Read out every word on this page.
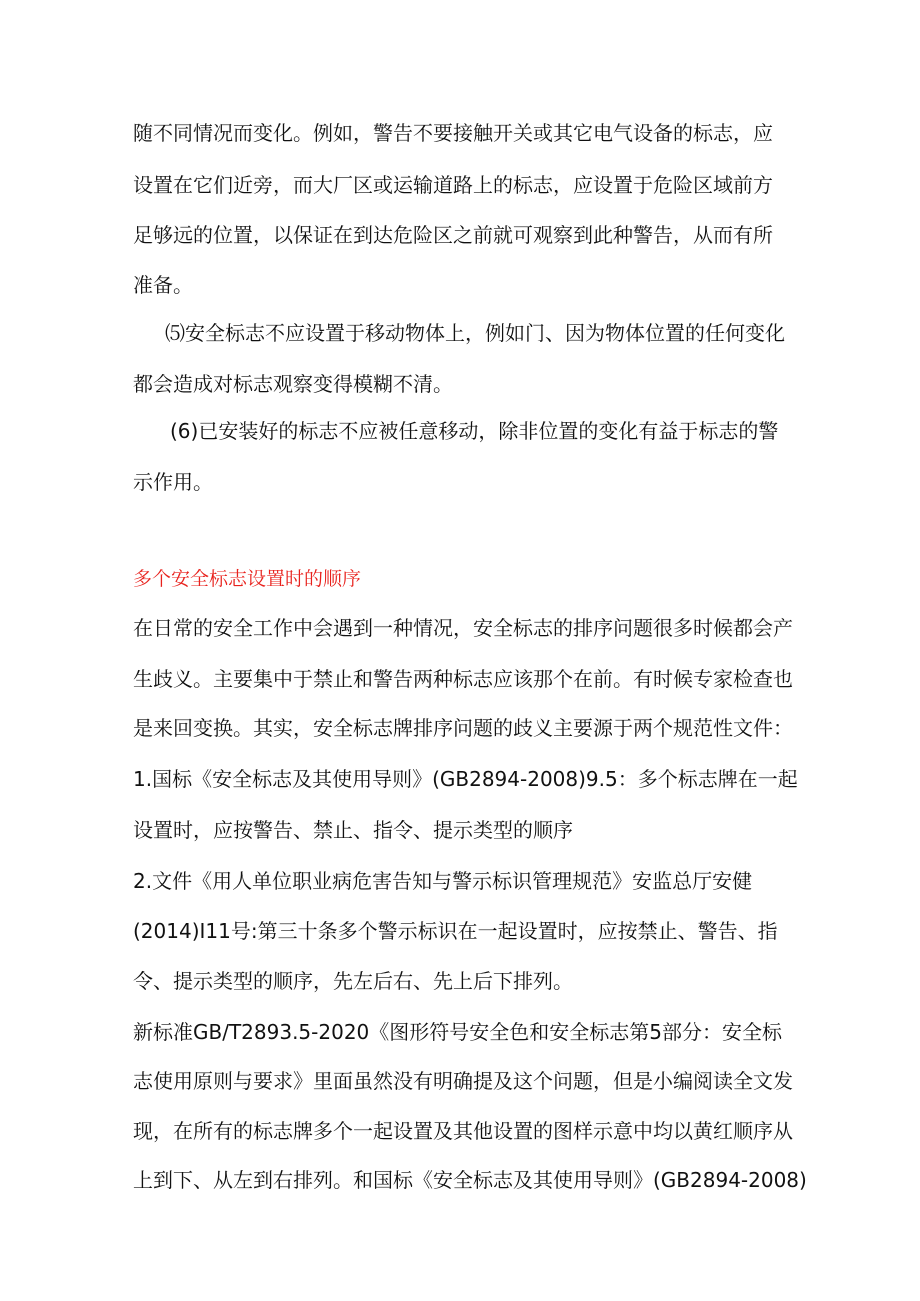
随不同情况而变化。例如，警告不要接触开关或其它电气设备的标志，应
设置在它们近旁，而大厂区或运输道路上的标志，应设置于危险区域前方
足够远的位置，以保证在到达危险区之前就可观察到此种警告，从而有所
准备。
⑸安全标志不应设置于移动物体上，例如门、因为物体位置的任何变化
都会造成对标志观察变得模糊不清。
(6)已安装好的标志不应被任意移动，除非位置的变化有益于标志的警
示作用。
多个安全标志设置时的顺序
在日常的安全工作中会遇到一种情况，安全标志的排序问题很多时候都会产
生歧义。主要集中于禁止和警告两种标志应该那个在前。有时候专家检查也
是来回变换。其实，安全标志牌排序问题的歧义主要源于两个规范性文件：
1.国标《安全标志及其使用导则》(GB2894-2008)9.5：多个标志牌在一起
设置时，应按警告、禁止、指令、提示类型的顺序
2.文件《用人单位职业病危害告知与警示标识管理规范》安监总厅安健
(2014)I11号:第三十条多个警示标识在一起设置时，应按禁止、警告、指
令、提示类型的顺序，先左后右、先上后下排列。
新标准GB/T2893.5-2020《图形符号安全色和安全标志第5部分：安全标
志使用原则与要求》里面虽然没有明确提及这个问题，但是小编阅读全文发
现，在所有的标志牌多个一起设置及其他设置的图样示意中均以黄红顺序从
上到下、从左到右排列。和国标《安全标志及其使用导则》(GB2894-2008)
